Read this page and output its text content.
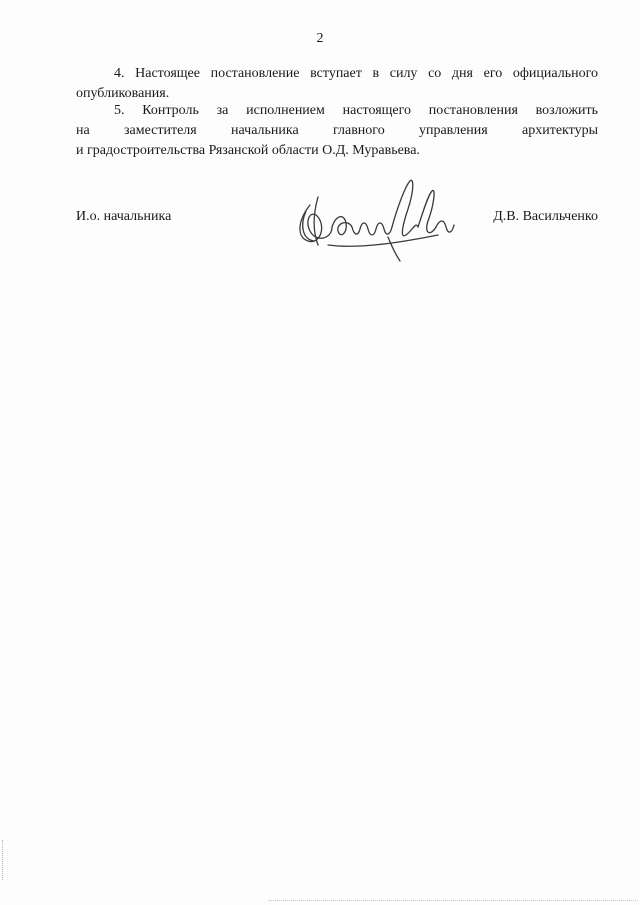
2
4. Настоящее постановление вступает в силу со дня его официального
опубликования.
5. Контроль за исполнением настоящего постановления возложить
на заместителя начальника главного управления архитектуры
и градостроительства Рязанской области О.Д. Муравьева.
И.о. начальника	Д.В. Васильченко
